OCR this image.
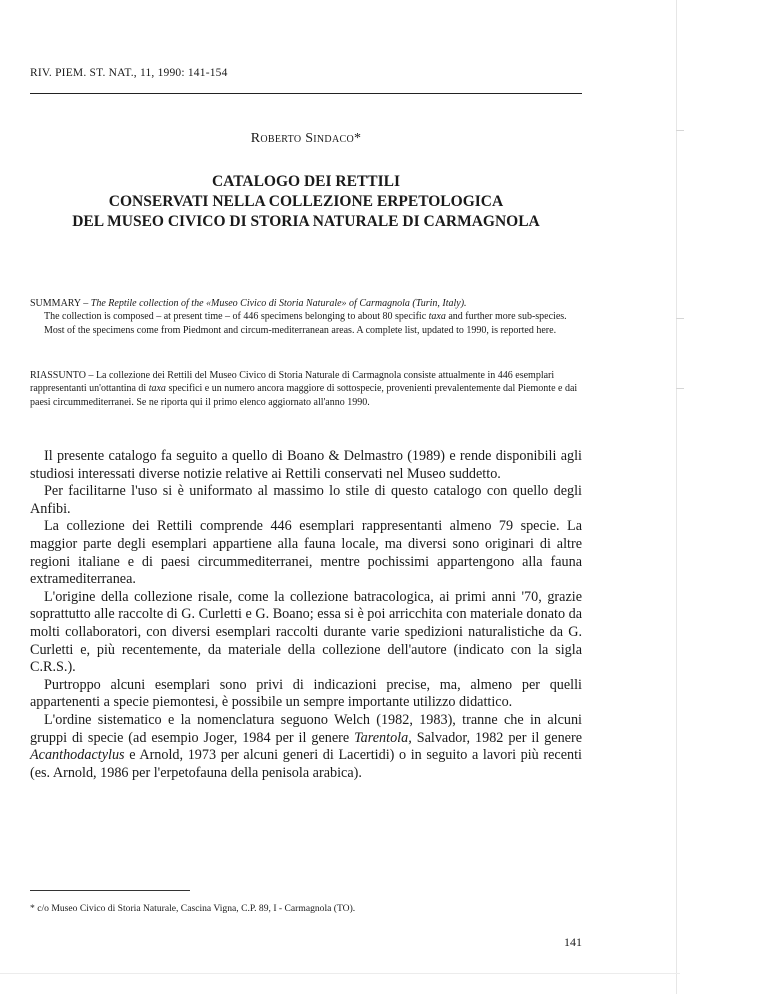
RIV. PIEM. ST. NAT., 11, 1990: 141-154

Roberto Sindaco*

CATALOGO DEI RETTILI
CONSERVATI NELLA COLLEZIONE ERPETOLOGICA
DEL MUSEO CIVICO DI STORIA NATURALE DI CARMAGNOLA

SUMMARY – The Reptile collection of the «Museo Civico di Storia Naturale» of Carmagnola (Turin, Italy).

The collection is composed – at present time – of 446 specimens belonging to about 80 specific taxa and further more sub-species.

Most of the specimens come from Piedmont and circum-mediterranean areas. A complete list, updated to 1990, is reported here.

RIASSUNTO – La collezione dei Rettili del Museo Civico di Storia Naturale di Carmagnola consiste attualmente in 446 esemplari rappresentanti un'ottantina di taxa specifici e un numero ancora maggiore di sottospecie, provenienti prevalentemente dal Piemonte e dai paesi circummediterranei. Se ne riporta qui il primo elenco aggiornato all'anno 1990.

Il presente catalogo fa seguito a quello di Boano & Delmastro (1989) e rende disponibili agli studiosi interessati diverse notizie relative ai Rettili conservati nel Museo suddetto.

Per facilitarne l'uso si è uniformato al massimo lo stile di questo catalogo con quello degli Anfibi.

La collezione dei Rettili comprende 446 esemplari rappresentanti almeno 79 specie. La maggior parte degli esemplari appartiene alla fauna locale, ma diversi sono originari di altre regioni italiane e di paesi circummediterranei, mentre pochissimi appartengono alla fauna extramediterranea.

L'origine della collezione risale, come la collezione batracologica, ai primi anni '70, grazie soprattutto alle raccolte di G. Curletti e G. Boano; essa si è poi arricchita con materiale donato da molti collaboratori, con diversi esemplari raccolti durante varie spedizioni naturalistiche da G. Curletti e, più recentemente, da materiale della collezione dell'autore (indicato con la sigla C.R.S.).

Purtroppo alcuni esemplari sono privi di indicazioni precise, ma, almeno per quelli appartenenti a specie piemontesi, è possibile un sempre importante utilizzo didattico.

L'ordine sistematico e la nomenclatura seguono Welch (1982, 1983), tranne che in alcuni gruppi di specie (ad esempio Joger, 1984 per il genere Tarentola, Salvador, 1982 per il genere Acanthodactylus e Arnold, 1973 per alcuni generi di Lacertidi) o in seguito a lavori più recenti (es. Arnold, 1986 per l'erpetofauna della penisola arabica).

* c/o Museo Civico di Storia Naturale, Cascina Vigna, C.P. 89, I - Carmagnola (TO).

141
